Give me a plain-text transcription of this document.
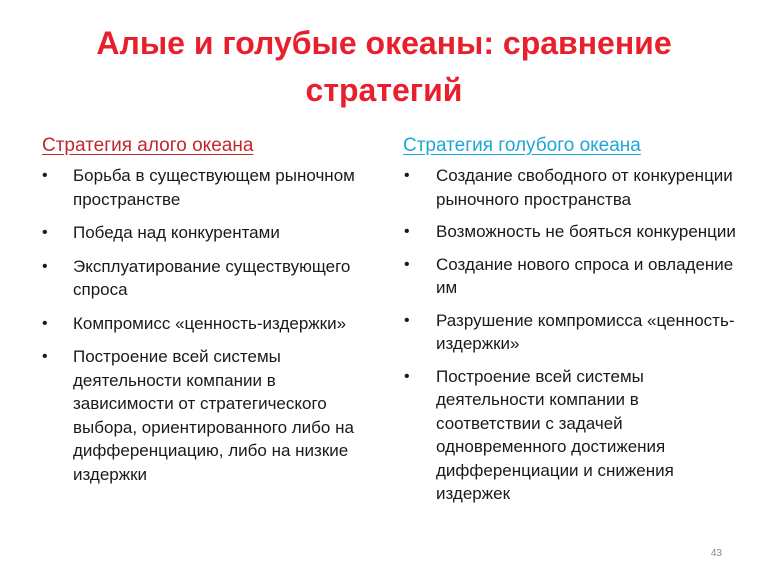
Алые и голубые океаны: сравнение стратегий
Стратегия алого океана
• Борьба в существующем рыночном пространстве
• Победа над конкурентами
• Эксплуатирование существующего спроса
• Компромисс «ценность-издержки»
• Построение всей системы деятельности компании в зависимости от стратегического выбора, ориентированного либо на дифференциацию, либо на низкие издержки
Стратегия голубого океана
• Создание свободного от конкуренции рыночного пространства
• Возможность не бояться конкуренции
• Создание нового спроса и овладение им
• Разрушение компромисса «ценность-издержки»
• Построение всей системы деятельности компании в соответствии с задачей одновременного достижения дифференциации и снижения издержек
43
